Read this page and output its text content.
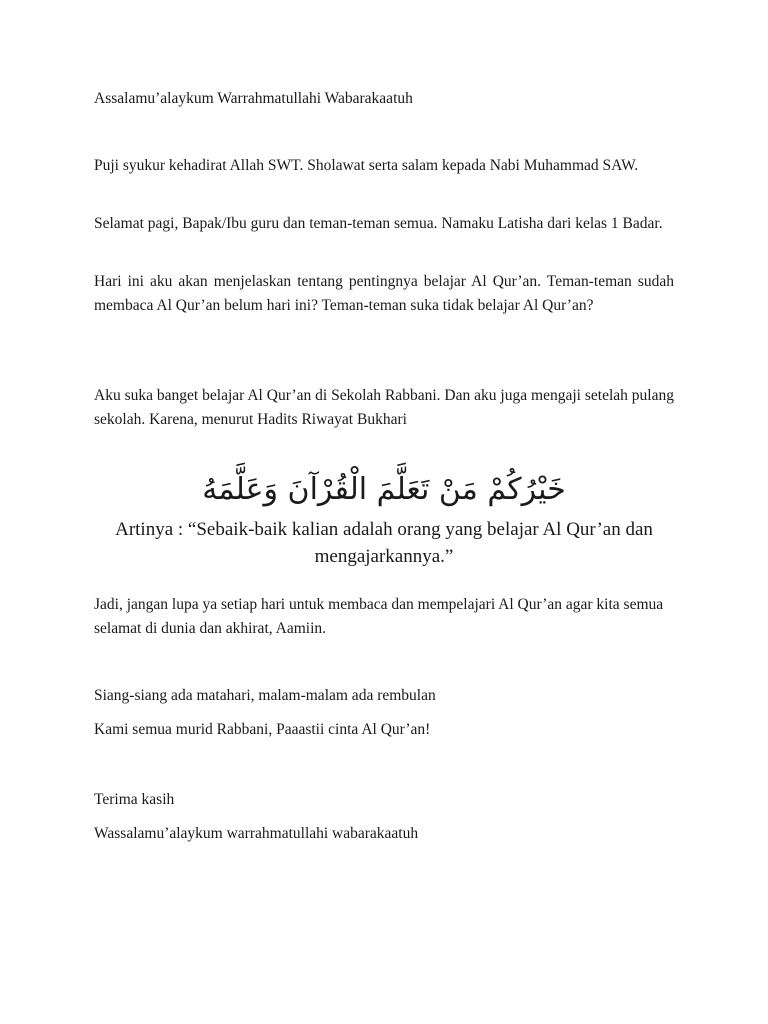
Assalamu’alaykum Warrahmatullahi Wabarakaatuh

Puji syukur kehadirat Allah SWT. Sholawat serta salam kepada Nabi Muhammad SAW.

Selamat pagi, Bapak/Ibu guru dan teman-teman semua. Namaku Latisha dari kelas 1 Badar.

Hari ini aku akan menjelaskan tentang pentingnya belajar Al Qur’an. Teman-teman sudah membaca Al Qur’an belum hari ini? Teman-teman suka tidak belajar Al Qur’an?

Aku suka banget belajar Al Qur’an di Sekolah Rabbani. Dan aku juga mengaji setelah pulang sekolah. Karena, menurut Hadits Riwayat Bukhari

خَيْرُكُمْ مَنْ تَعَلَّمَ الْقُرْآنَ وَعَلَّمَهُ

Artinya : “Sebaik-baik kalian adalah orang yang belajar Al Qur’an dan mengajarkannya.”

Jadi, jangan lupa ya setiap hari untuk membaca dan mempelajari Al Qur’an agar kita semua selamat di dunia dan akhirat, Aamiin.

Siang-siang ada matahari, malam-malam ada rembulan

Kami semua murid Rabbani, Paaastii cinta Al Qur’an!

Terima kasih

Wassalamu’alaykum warrahmatullahi wabarakaatuh
